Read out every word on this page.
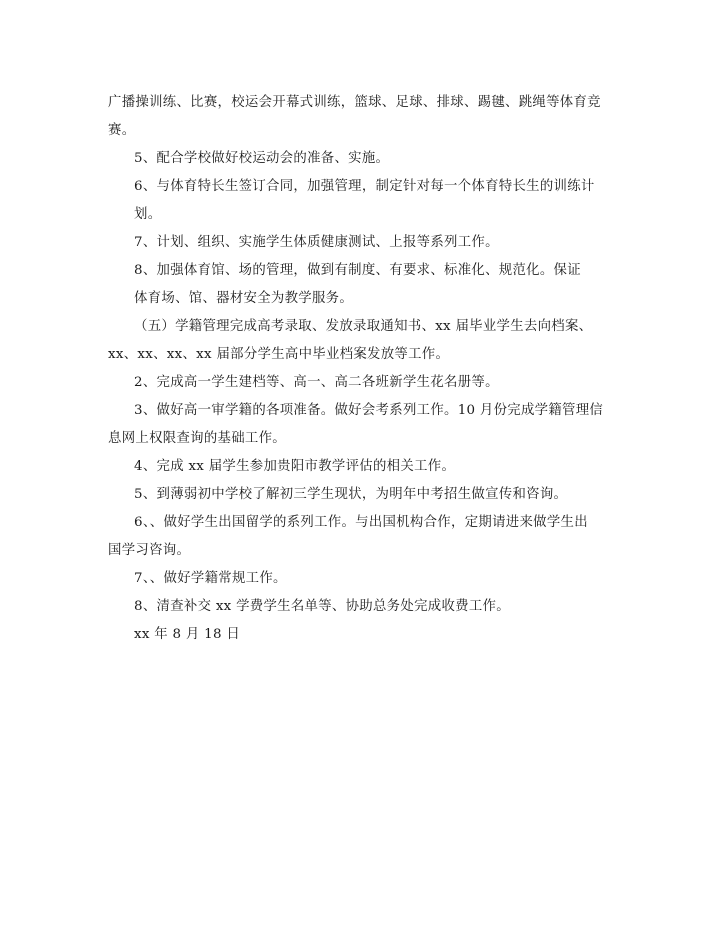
广播操训练、比赛，校运会开幕式训练，篮球、足球、排球、踢毽、跳绳等体育竞
赛。
5、配合学校做好校运动会的准备、实施。
6、与体育特长生签订合同，加强管理，制定针对每一个体育特长生的训练计
划。
7、计划、组织、实施学生体质健康测试、上报等系列工作。
8、加强体育馆、场的管理，做到有制度、有要求、标准化、规范化。保证
体育场、馆、器材安全为教学服务。
（五）学籍管理完成高考录取、发放录取通知书、xx 届毕业学生去向档案、
xx、xx、xx、xx 届部分学生高中毕业档案发放等工作。
2、完成高一学生建档等、高一、高二各班新学生花名册等。
3、做好高一审学籍的各项准备。做好会考系列工作。10 月份完成学籍管理信
息网上权限查询的基础工作。
4、完成 xx 届学生参加贵阳市教学评估的相关工作。
5、到薄弱初中学校了解初三学生现状，为明年中考招生做宣传和咨询。
6、、做好学生出国留学的系列工作。与出国机构合作，定期请进来做学生出
国学习咨询。
7、、做好学籍常规工作。
8、清查补交 xx 学费学生名单等、协助总务处完成收费工作。
xx 年 8 月 18 日
